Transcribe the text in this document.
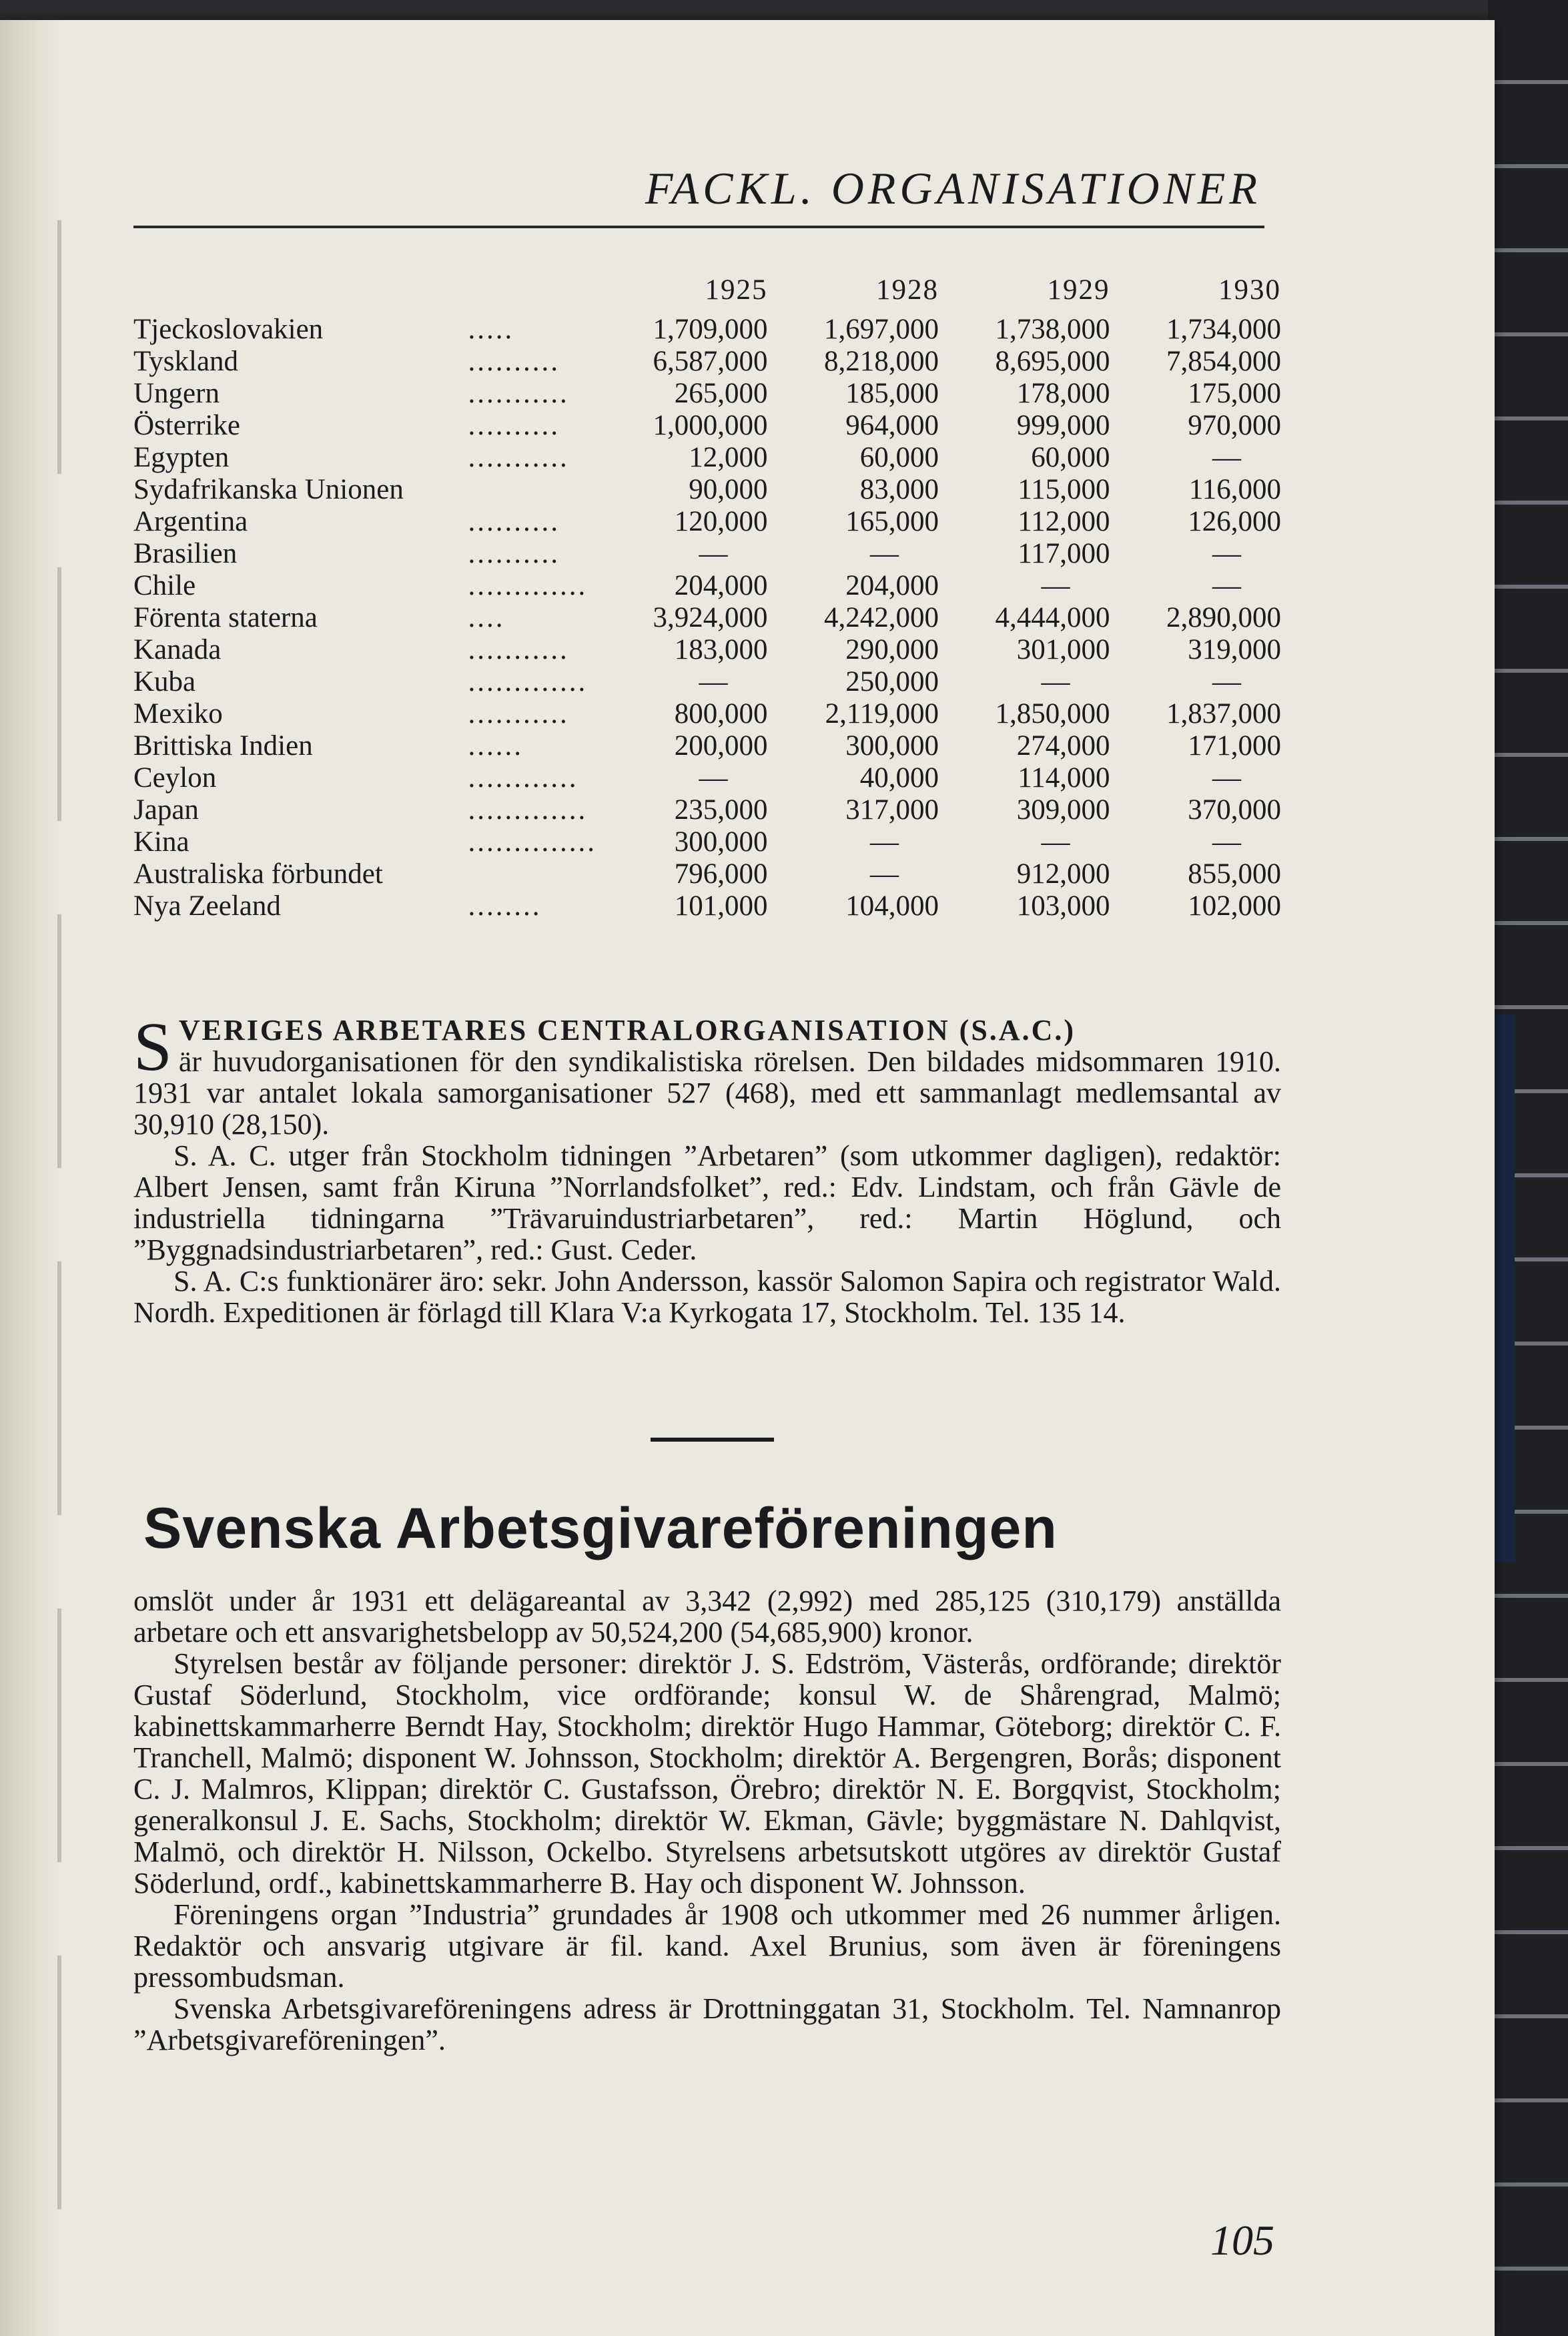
FACKL. ORGANISATIONER
		1925	1928	1929	1930
Tjeckoslovakien	.....	1,709,000	1,697,000	1,738,000	1,734,000
Tyskland	..........	6,587,000	8,218,000	8,695,000	7,854,000
Ungern	...........	265,000	185,000	178,000	175,000
Österrike	..........	1,000,000	964,000	999,000	970,000
Egypten	...........	12,000	60,000	60,000	—
Sydafrikanska Unionen		90,000	83,000	115,000	116,000
Argentina	..........	120,000	165,000	112,000	126,000
Brasilien	..........	—	—	117,000	—
Chile	.............	204,000	204,000	—	—
Förenta staterna	....	3,924,000	4,242,000	4,444,000	2,890,000
Kanada	...........	183,000	290,000	301,000	319,000
Kuba	.............	—	250,000	—	—
Mexiko	...........	800,000	2,119,000	1,850,000	1,837,000
Brittiska Indien	......	200,000	300,000	274,000	171,000
Ceylon	............	—	40,000	114,000	—
Japan	.............	235,000	317,000	309,000	370,000
Kina	..............	300,000	—	—	—
Australiska förbundet		796,000	—	912,000	855,000
Nya Zeeland	........	101,000	104,000	103,000	102,000

S VERIGES ARBETARES CENTRALORGANISATION (S.A.C.)
är huvudorganisationen för den syndikalistiska rörelsen. Den bildades midsommaren 1910. 1931 var antalet lokala samorganisationer 527 (468), med ett sammanlagt medlemsantal av 30,910 (28,150).

S. A. C. utger från Stockholm tidningen ”Arbetaren” (som utkommer dagligen), redaktör: Albert Jensen, samt från Kiruna ”Norrlandsfolket”, red.: Edv. Lindstam, och från Gävle de industriella tidningarna ”Trävaruindustriarbetaren”, red.: Martin Höglund, och ”Byggnadsindustriarbetaren”, red.: Gust. Ceder.

S. A. C:s funktionärer äro: sekr. John Andersson, kassör Salomon Sapira och registrator Wald. Nordh. Expeditionen är förlagd till Klara V:a Kyrkogata 17, Stockholm. Tel. 135 14.

Svenska Arbetsgivareföreningen

omslöt under år 1931 ett delägareantal av 3,342 (2,992) med 285,125 (310,179) anställda arbetare och ett ansvarighetsbelopp av 50,524,200 (54,685,900) kronor.

Styrelsen består av följande personer: direktör J. S. Edström, Västerås, ordförande; direktör Gustaf Söderlund, Stockholm, vice ordförande; konsul W. de Shårengrad, Malmö; kabinettskammarherre Berndt Hay, Stockholm; direktör Hugo Hammar, Göteborg; direktör C. F. Tranchell, Malmö; disponent W. Johnsson, Stockholm; direktör A. Bergengren, Borås; disponent C. J. Malmros, Klippan; direktör C. Gustafsson, Örebro; direktör N. E. Borgqvist, Stockholm; generalkonsul J. E. Sachs, Stockholm; direktör W. Ekman, Gävle; byggmästare N. Dahlqvist, Malmö, och direktör H. Nilsson, Ockelbo. Styrelsens arbetsutskott utgöres av direktör Gustaf Söderlund, ordf., kabinettskammarherre B. Hay och disponent W. Johnsson.

Föreningens organ ”Industria” grundades år 1908 och utkommer med 26 nummer årligen. Redaktör och ansvarig utgivare är fil. kand. Axel Brunius, som även är föreningens pressombudsman.

Svenska Arbetsgivareföreningens adress är Drottninggatan 31, Stockholm. Tel. Namnanrop ”Arbetsgivareföreningen”.

105
